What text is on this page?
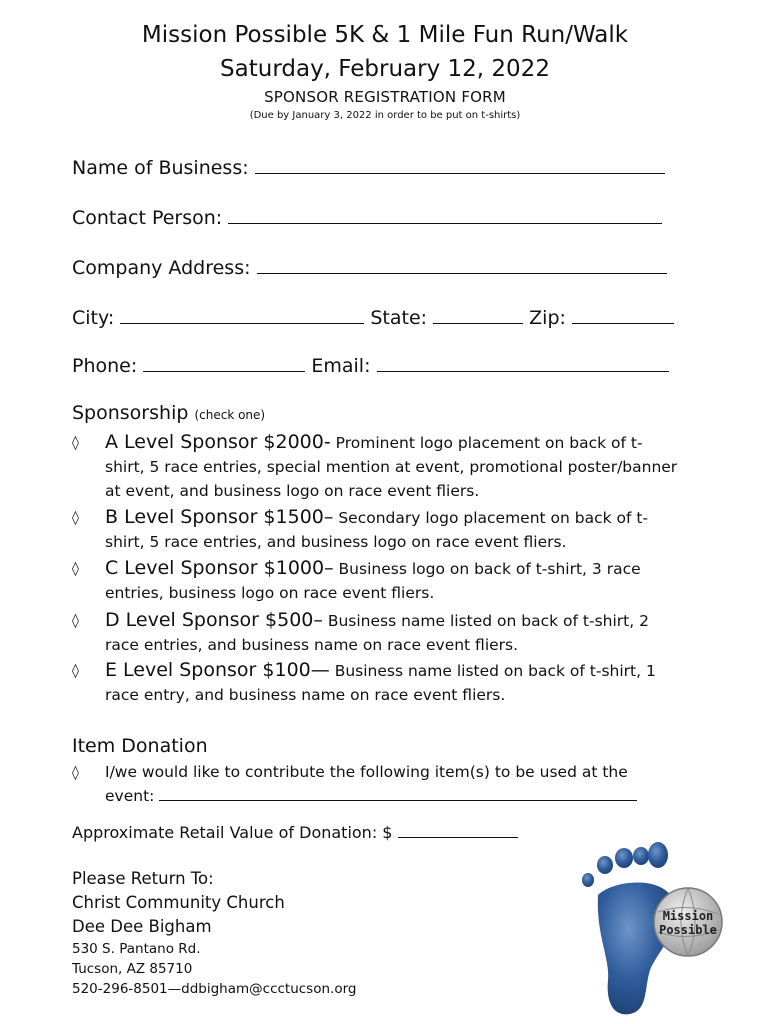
Mission Possible 5K & 1 Mile Fun Run/Walk
Saturday, February 12, 2022
SPONSOR REGISTRATION FORM
(Due by January 3, 2022 in order to be put on t-shirts)
Name of Business:
Contact Person:
Company Address:
City:	State:	Zip:
Phone:	Email:
Sponsorship (check one)
◊ A Level Sponsor $2000- Prominent logo placement on back of t-shirt, 5 race entries, special mention at event, promotional poster/banner at event, and business logo on race event fliers.
◊ B Level Sponsor $1500– Secondary logo placement on back of t-shirt, 5 race entries, and business logo on race event fliers.
◊ C Level Sponsor $1000– Business logo on back of t-shirt, 3 race entries, business logo on race event fliers.
◊ D Level Sponsor $500– Business name listed on back of t-shirt, 2 race entries, and business name on race event fliers.
◊ E Level Sponsor $100— Business name listed on back of t-shirt, 1 race entry, and business name on race event fliers.
Item Donation
◊ I/we would like to contribute the following item(s) to be used at the event:
Approximate Retail Value of Donation: $
Please Return To:
Christ Community Church
Dee Dee Bigham
530 S. Pantano Rd.
Tucson, AZ 85710
520-296-8501—ddbigham@ccctucson.org
Mission
Possible
